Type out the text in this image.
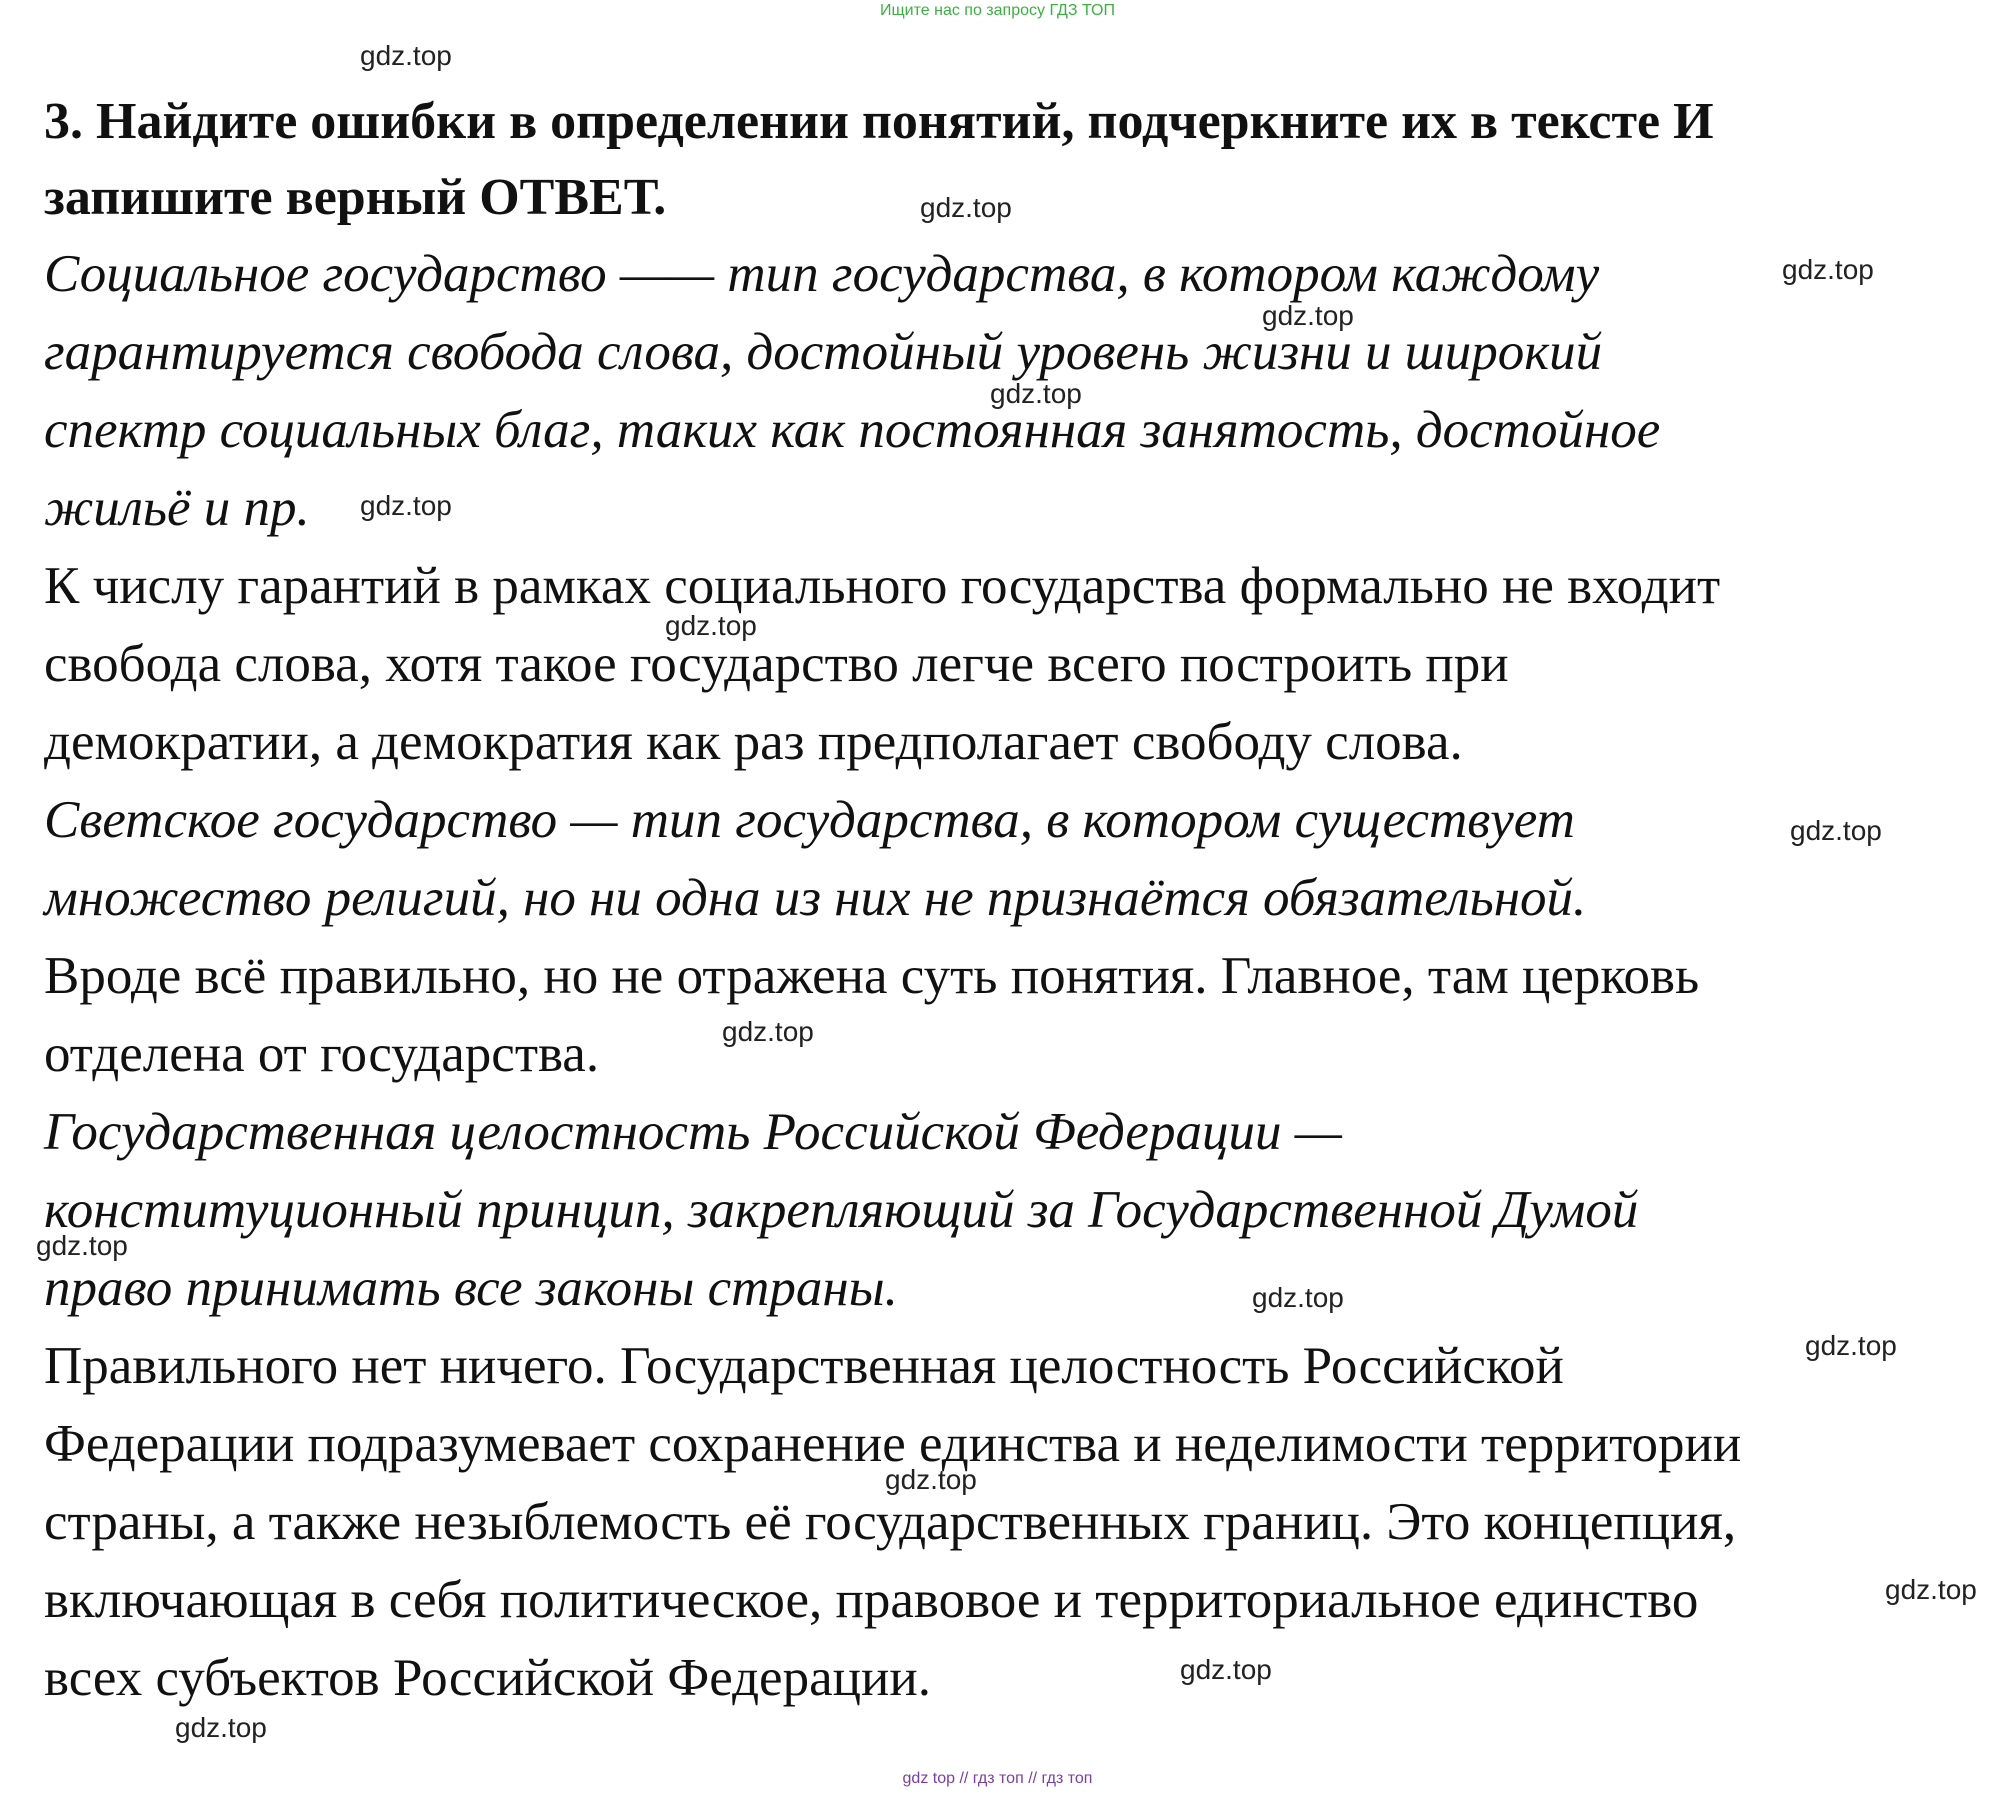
Ищите нас по запросу ГДЗ ТОП
3. Найдите ошибки в определении понятий, подчеркните их в тексте И
запишите верный ОТВЕТ.
Социальное государство —— тип государства, в котором каждому
гарантируется свобода слова, достойный уровень жизни и широкий
спектр социальных благ, таких как постоянная занятость, достойное
жильё и пр.
К числу гарантий в рамках социального государства формально не входит
свобода слова, хотя такое государство легче всего построить при
демократии, а демократия как раз предполагает свободу слова.
Светское государство — тип государства, в котором существует
множество религий, но ни одна из них не признаётся обязательной.
Вроде всё правильно, но не отражена суть понятия. Главное, там церковь
отделена от государства.
Государственная целостность Российской Федерации —
конституционный принцип, закрепляющий за Государственной Думой
право принимать все законы страны.
Правильного нет ничего. Государственная целостность Российской
Федерации подразумевает сохранение единства и неделимости территории
страны, а также незыблемость её государственных границ. Это концепция,
включающая в себя политическое, правовое и территориальное единство
всех субъектов Российской Федерации.
gdz.top
gdz.top
gdz.top
gdz.top
gdz.top
gdz.top
gdz.top
gdz.top
gdz.top
gdz.top
gdz.top
gdz.top
gdz.top
gdz.top
gdz.top
gdz.top
gdz top // гдз топ // гдз топ
